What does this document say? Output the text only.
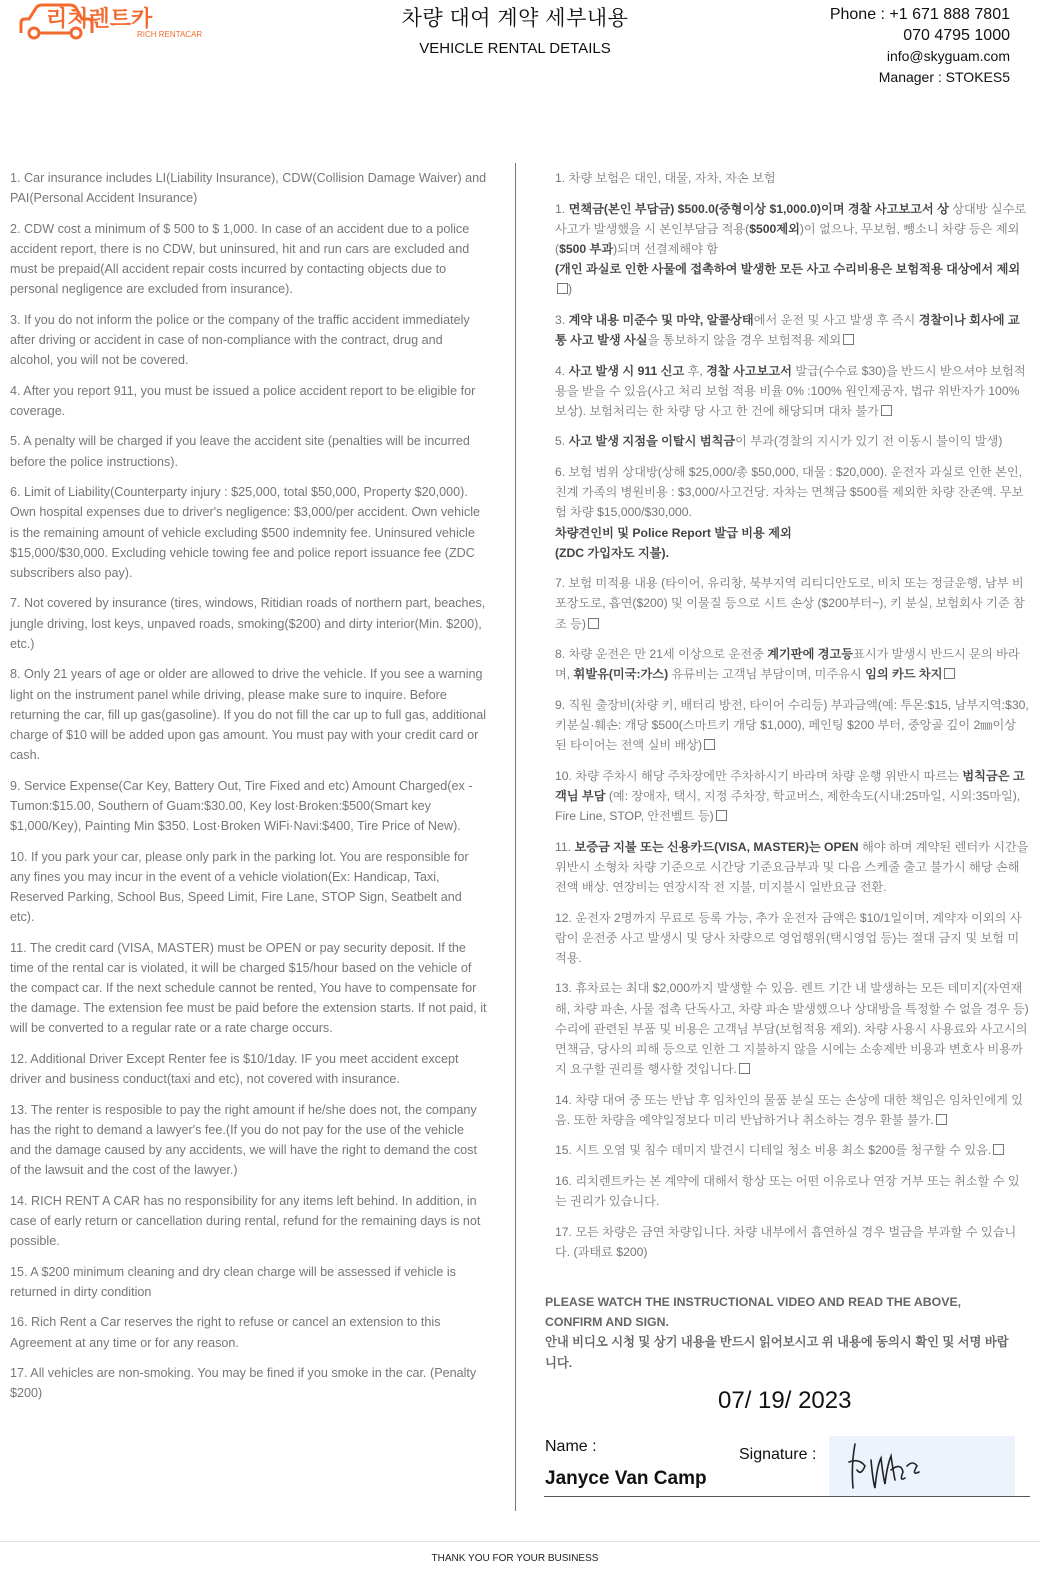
리치렌트카
RICH RENTACAR
차량 대여 계약 세부내용
VEHICLE RENTAL DETAILS
Phone : +1 671 888 7801
070 4795 1000
info@skyguam.com
Manager : STOKES5

1. Car insurance includes LI(Liability Insurance), CDW(Collision Damage Waiver) and PAI(Personal Accident Insurance)

2. CDW cost a minimum of $ 500 to $ 1,000. In case of an accident due to a police accident report, there is no CDW, but uninsured, hit and run cars are excluded and must be prepaid(All accident repair costs incurred by contacting objects due to personal negligence are excluded from insurance).

3. If you do not inform the police or the company of the traffic accident immediately after driving or accident in case of non-compliance with the contract, drug and alcohol, you will not be covered.

4. After you report 911, you must be issued a police accident report to be eligible for coverage.

5. A penalty will be charged if you leave the accident site (penalties will be incurred before the police instructions).

6. Limit of Liability(Counterparty injury : $25,000, total $50,000, Property $20,000). Own hospital expenses due to driver's negligence: $3,000/per accident. Own vehicle is the remaining amount of vehicle excluding $500 indemnity fee. Uninsured vehicle $15,000/$30,000. Excluding vehicle towing fee and police report issuance fee (ZDC subscribers also pay).

7. Not covered by insurance (tires, windows, Ritidian roads of northern part, beaches, jungle driving, lost keys, unpaved roads, smoking($200) and dirty interior(Min. $200), etc.)

8. Only 21 years of age or older are allowed to drive the vehicle. If you see a warning light on the instrument panel while driving, please make sure to inquire. Before returning the car, fill up gas(gasoline). If you do not fill the car up to full gas, additional charge of $10 will be added upon gas amount. You must pay with your credit card or cash.

9. Service Expense(Car Key, Battery Out, Tire Fixed and etc) Amount Charged(ex - Tumon:$15.00, Southern of Guam:$30.00, Key lost·Broken:$500(Smart key $1,000/Key), Painting Min $350. Lost·Broken WiFi·Navi:$400, Tire Price of New).

10. If you park your car, please only park in the parking lot. You are responsible for any fines you may incur in the event of a vehicle violation(Ex: Handicap, Taxi, Reserved Parking, School Bus, Speed Limit, Fire Lane, STOP Sign, Seatbelt and etc).

11. The credit card (VISA, MASTER) must be OPEN or pay security deposit. If the time of the rental car is violated, it will be charged $15/hour based on the vehicle of the compact car. If the next schedule cannot be rented, You have to compensate for the damage. The extension fee must be paid before the extension starts. If not paid, it will be converted to a regular rate or a rate charge occurs.

12. Additional Driver Except Renter fee is $10/1day. IF you meet accident except driver and business conduct(taxi and etc), not covered with insurance.

13. The renter is resposible to pay the right amount if he/she does not, the company has the right to demand a lawyer's fee.(If you do not pay for the use of the vehicle and the damage caused by any accidents, we will have the right to demand the cost of the lawsuit and the cost of the lawyer.)

14. RICH RENT A CAR has no responsibility for any items left behind. In addition, in case of early return or cancellation during rental, refund for the remaining days is not possible.

15. A $200 minimum cleaning and dry clean charge will be assessed if vehicle is returned in dirty condition

16. Rich Rent a Car reserves the right to refuse or cancel an extension to this Agreement at any time or for any reason.

17. All vehicles are non-smoking. You may be fined if you smoke in the car. (Penalty $200)

1. 차량 보험은 대인, 대물, 자차, 자손 보험

1. 면책금(본인 부담금) $500.0(중형이상 $1,000.0)이며 경찰 사고보고서 상 상대방 실수로 사고가 발생했을 시 본인부담금 적용($500제외)이 없으나, 무보험, 뺑소니 차량 등은 제외($500 부과)되며 선결제해야 함
(개인 과실로 인한 사물에 접촉하여 발생한 모든 사고 수리비용은 보험적용 대상에서 제외
)

3. 계약 내용 미준수 및 마약, 알콜상태에서 운전 및 사고 발생 후 즉시 경찰이나 회사에 교통 사고 발생 사실을 통보하지 않을 경우 보험적용 제외

4. 사고 발생 시 911 신고 후, 경찰 사고보고서 발급(수수료 $30)을 반드시 받으셔야 보험적용을 받을 수 있음(사고 처리 보험 적용 비율 0% :100% 원인제공자, 법규 위반자가 100% 보상). 보험처리는 한 차량 당 사고 한 건에 해당되며 대차 불가

5. 사고 발생 지점을 이탈시 범칙금이 부과(경찰의 지시가 있기 전 이동시 불이익 발생)

6. 보험 범위 상대방(상해 $25,000/총 $50,000, 대물 : $20,000). 운전자 과실로 인한 본인, 친계 가족의 병원비용 : $3,000/사고건당. 자차는 면책금 $500를 제외한 차량 잔존액. 무보험 차량 $15,000/$30,000.
차량견인비 및 Police Report 발급 비용 제외
(ZDC 가입자도 지불).

7. 보험 미적용 내용 (타이어, 유리창, 북부지역 리티디안도로, 비치 또는 정글운행, 남부 비포장도로, 흡연($200) 및 이물질 등으로 시트 손상 ($200부터~), 키 분실, 보험회사 기준 참조 등)

8. 차량 운전은 만 21세 이상으로 운전중 계기판에 경고등표시가 발생시 반드시 문의 바라며, 휘발유(미국:가스) 유류비는 고객님 부담이며, 미주유시 임의 카드 차지

9. 직원 출장비(차량 키, 배터리 방전, 타이어 수리등) 부과금액(예: 투몬:$15, 남부지역:$30, 키분실·훼손: 개당 $500(스마트키 개당 $1,000), 페인팅 $200 부터, 중앙골 깊이 2㎜이상 된 타이어는 전액 실비 배상)

10. 차량 주차시 해당 주차장에만 주차하시기 바라며 차량 운행 위반시 따르는 범칙금은 고객님 부담 (예: 장애자, 택시, 지정 주차장, 학교버스, 제한속도(시내:25마일, 시외:35마일), Fire Line, STOP, 안전벨트 등)

11. 보증금 지불 또는 신용카드(VISA, MASTER)는 OPEN 해야 하며 계약된 렌터카 시간을 위반시 소형차 차량 기준으로 시간당 기준요금부과 및 다음 스케줄 출고 불가시 해당 손해 전액 배상. 연장비는 연장시작 전 지불, 미지불시 일반요금 전환.

12. 운전자 2명까지 무료로 등록 가능, 추가 운전자 금액은 $10/1일이며, 계약자 이외의 사람이 운전중 사고 발생시 및 당사 차량으로 영업행위(택시영업 등)는 절대 금지 및 보험 미적용.

13. 휴차료는 최대 $2,000까지 발생할 수 있음. 렌트 기간 내 발생하는 모든 데미지(자연재해, 차량 파손, 사물 접촉 단독사고, 차량 파손 발생했으나 상대방을 특정할 수 없을 경우 등) 수리에 관련된 부품 및 비용은 고객님 부담(보험적용 제외). 차량 사용시 사용료와 사고시의 면책금, 당사의 피해 등으로 인한 그 지불하지 않을 시에는 소송제반 비용과 변호사 비용까지 요구할 권리를 행사할 것입니다.

14. 차량 대여 중 또는 반납 후 임차인의 물품 분실 또는 손상에 대한 책임은 임차인에게 있음. 또한 차량을 예약일정보다 미리 반납하거나 취소하는 경우 환불 불가.

15. 시트 오염 및 침수 데미지 발견시 디테일 청소 비용 최소 $200를 청구할 수 있음.

16. 리치렌트카는 본 계약에 대해서 항상 또는 어떤 이유로나 연장 거부 또는 취소할 수 있는 권리가 있습니다.

17. 모든 차량은 금연 차량입니다. 차량 내부에서 흡연하실 경우 벌금을 부과할 수 있습니다. (과태료 $200)

PLEASE WATCH THE INSTRUCTIONAL VIDEO AND READ THE ABOVE, CONFIRM AND SIGN.
안내 비디오 시청 및 상기 내용을 반드시 읽어보시고 위 내용에 동의시 확인 및 서명 바랍니다.
07/ 19/ 2023
Name :
Janyce Van Camp
Signature :
THANK YOU FOR YOUR BUSINESS
